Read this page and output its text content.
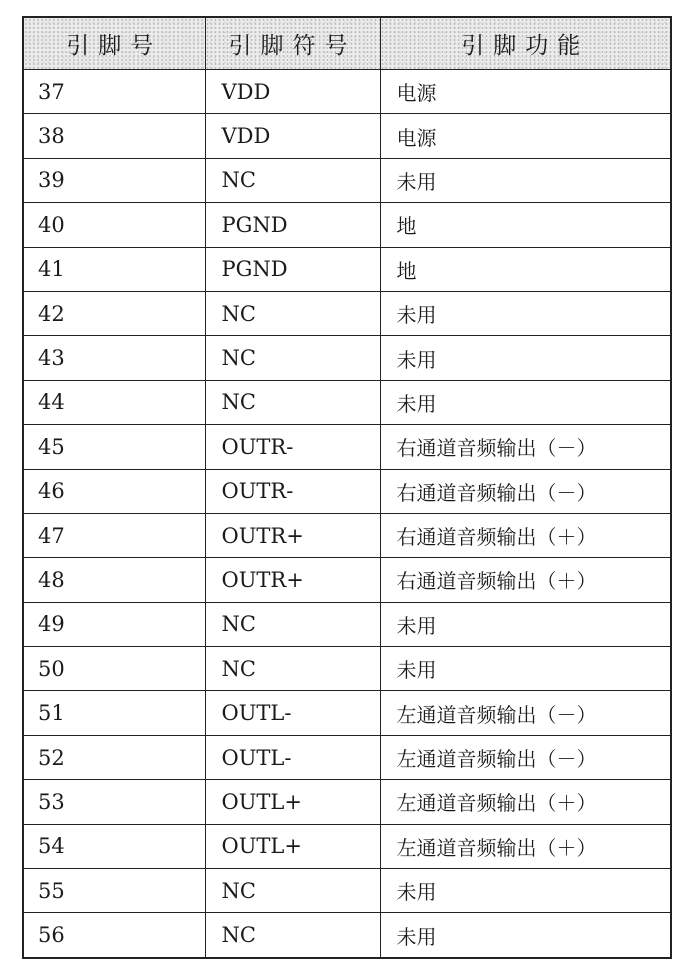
引脚号	引脚符号	引脚功能
37	VDD	电源
38	VDD	电源
39	NC	未用
40	PGND	地
41	PGND	地
42	NC	未用
43	NC	未用
44	NC	未用
45	OUTR-	右通道音频输出（－）
46	OUTR-	右通道音频输出（－）
47	OUTR+	右通道音频输出（＋）
48	OUTR+	右通道音频输出（＋）
49	NC	未用
50	NC	未用
51	OUTL-	左通道音频输出（－）
52	OUTL-	左通道音频输出（－）
53	OUTL+	左通道音频输出（＋）
54	OUTL+	左通道音频输出（＋）
55	NC	未用
56	NC	未用
